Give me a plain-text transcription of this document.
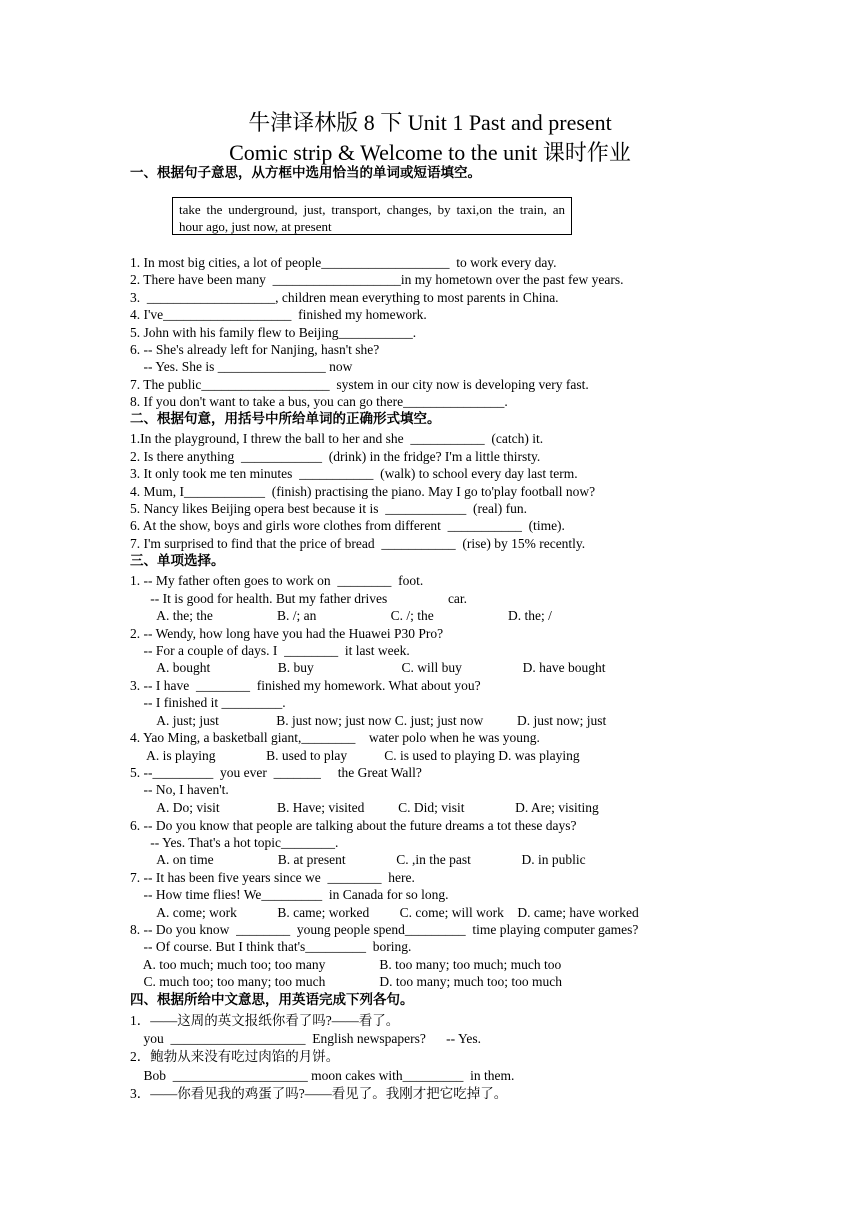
牛津译林版 8 下 Unit 1 Past and present
Comic strip & Welcome to the unit 课时作业
一、根据句子意思，从方框中选用恰当的单词或短语填空。
take the underground, just, transport, changes, by taxi,on the train, an hour ago, just now, at present
1. In most big cities, a lot of people___________________  to work every day.
2. There have been many  ___________________in my hometown over the past few years.
3.  ___________________, children mean everything to most parents in China.
4. I've___________________  finished my homework.
5. John with his family flew to Beijing___________.
6. -- She's already left for Nanjing, hasn't she?
-- Yes. She is ________________ now
7. The public___________________  system in our city now is developing very fast.
8. If you don't want to take a bus, you can go there_______________.
二、根据句意，用括号中所给单词的正确形式填空。
1.In the playground, I threw the ball to her and she  ___________  (catch) it.
2. Is there anything  ____________  (drink) in the fridge? I'm a little thirsty.
3. It only took me ten minutes  ___________  (walk) to school every day last term.
4. Mum, I____________  (finish) practising the piano. May I go to'play football now?
5. Nancy likes Beijing opera best because it is  ____________  (real) fun.
6. At the show, boys and girls wore clothes from different  ___________  (time).
7. I'm surprised to find that the price of bread  ___________  (rise) by 15% recently.
三、单项选择。
1. -- My father often goes to work on  ________  foot.
-- It is good for health. But my father drives                  car.
A. the; the                   B. /; an                      C. /; the                      D. the; /
2. -- Wendy, how long have you had the Huawei P30 Pro?
-- For a couple of days. I  ________  it last week.
A. bought                    B. buy                          C. will buy                  D. have bought
3. -- I have  ________  finished my homework. What about you?
-- I finished it _________.
A. just; just                 B. just now; just now C. just; just now          D. just now; just
4. Yao Ming, a basketball giant,________    water polo when he was young.
A. is playing               B. used to play           C. is used to playing D. was playing
5. --_________  you ever  _______     the Great Wall?
-- No, I haven't.
A. Do; visit                 B. Have; visited          C. Did; visit               D. Are; visiting
6. -- Do you know that people are talking about the future dreams a tot these days?
-- Yes. That's a hot topic________.
A. on time                   B. at present               C. ,in the past               D. in public
7. -- It has been five years since we  ________  here.
-- How time flies! We_________  in Canada for so long.
A. come; work            B. came; worked         C. come; will work    D. came; have worked
8. -- Do you know  ________  young people spend_________  time playing computer games?
-- Of course. But I think that's_________  boring.
A. too much; much too; too many                B. too many; too much; much too
C. much too; too many; too much                D. too many; much too; too much
四、根据所给中文意思，用英语完成下列各句。
1．——这周的英文报纸你看了吗?——看了。
you  ____________________  English newspapers?      -- Yes.
2．鲍勃从来没有吃过肉馅的月饼。
Bob  ____________________ moon cakes with_________  in them.
3．——你看见我的鸡蛋了吗?——看见了。我刚才把它吃掉了。
